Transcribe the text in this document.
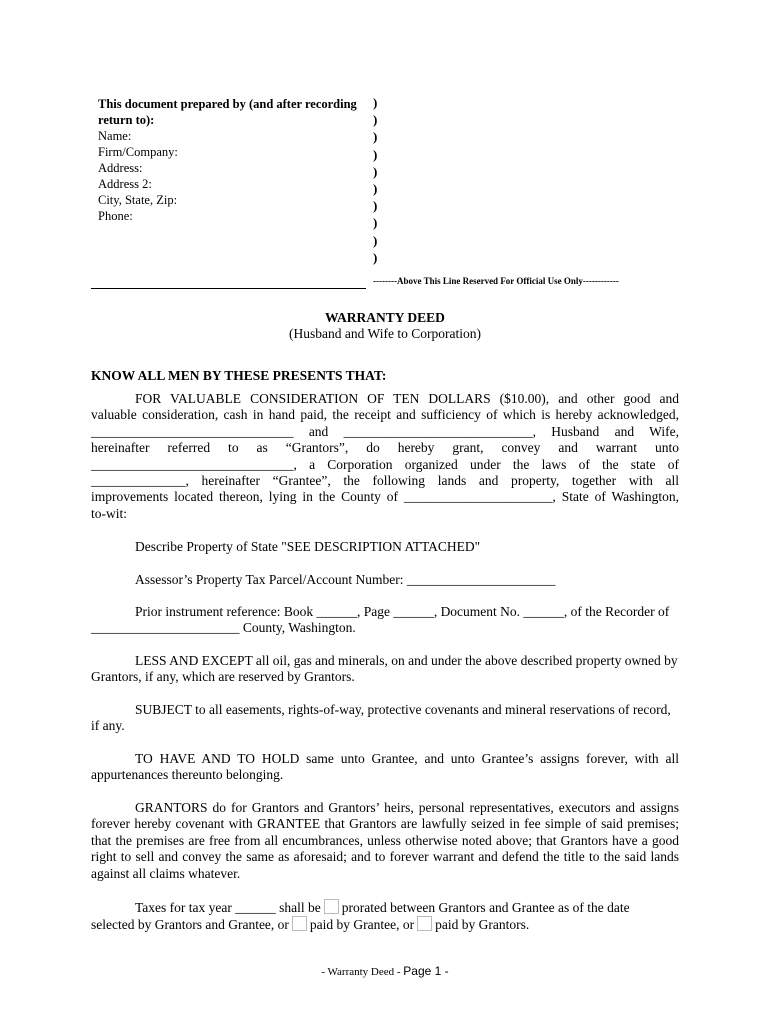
This document prepared by (and after recording return to):
Name:
Firm/Company:
Address:
Address 2:
City, State, Zip:
Phone:
)
)
)
)
)
)
)
)
)
)
--------Above This Line Reserved For Official Use Only------------
WARRANTY DEED
(Husband and Wife to Corporation)
KNOW ALL MEN BY THESE PRESENTS THAT:
FOR VALUABLE CONSIDERATION OF TEN DOLLARS ($10.00), and other good and
valuable consideration, cash in hand paid, the receipt and sufficiency of which is hereby acknowledged,
______________________________ and ____________________________, Husband and Wife,
hereinafter referred to as “Grantors”, do hereby grant, convey and warrant unto
______________________________, a Corporation organized under the laws of the state of
______________, hereinafter “Grantee”, the following lands and property, together with all
improvements located thereon, lying in the County of ______________________, State of Washington,
to-wit:
Describe Property of State "SEE DESCRIPTION ATTACHED"
Assessor’s Property Tax Parcel/Account Number: ______________________
Prior instrument reference: Book ______, Page ______, Document No. ______, of the Recorder of
______________________ County, Washington.
LESS AND EXCEPT all oil, gas and minerals, on and under the above described property owned by Grantors, if any, which are reserved by Grantors.
SUBJECT to all easements, rights-of-way, protective covenants and mineral reservations of record, if any.
TO HAVE AND TO HOLD same unto Grantee, and unto Grantee’s assigns forever, with all appurtenances thereunto belonging.
GRANTORS do for Grantors and Grantors’ heirs, personal representatives, executors and assigns forever hereby covenant with GRANTEE that Grantors are lawfully seized in fee simple of said premises; that the premises are free from all encumbrances, unless otherwise noted above; that Grantors have a good right to sell and convey the same as aforesaid; and to forever warrant and defend the title to the said lands against all claims whatever.
Taxes for tax year ______ shall be prorated between Grantors and Grantee as of the date
selected by Grantors and Grantee, or paid by Grantee, or paid by Grantors.
- Warranty Deed - Page 1 -
